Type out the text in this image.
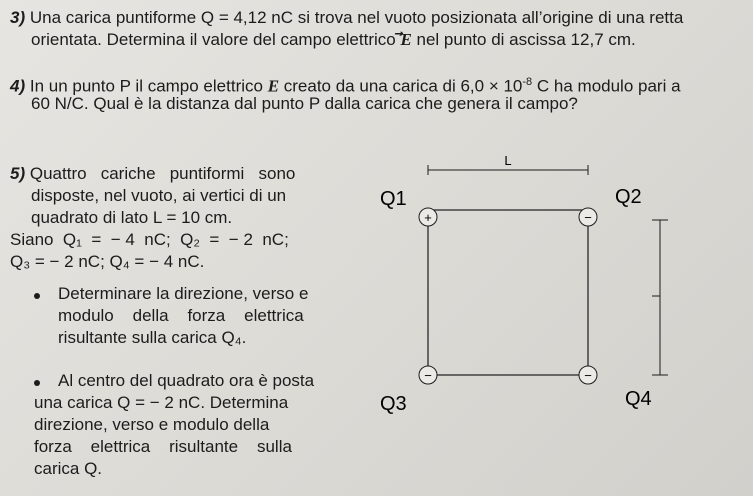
3) Una carica puntiforme Q = 4,12 nC si trova nel vuoto posizionata all’origine di una retta
orientata. Determina il valore del campo elettrico E nel punto di ascissa 12,7 cm.
4) In un punto P il campo elettrico E creato da una carica di $6,0 \times 10^{-8}$ C ha modulo pari a
60 N/C. Qual è la distanza dal punto P dalla carica che genera il campo?
5) Quattro   cariche   puntiformi   sono
disposte, nel vuoto, ai vertici di un
quadrato di lato L = 10 cm.
Siano  Q₁  =  − 4  nC;  Q₂  =  − 2  nC;
Q₃ = − 2 nC; Q₄ = − 4 nC.
Determinare la direzione, verso e
modulo    della    forza    elettrica
risultante sulla carica Q₄.
Al centro del quadrato ora è posta
una carica Q = − 2 nC. Determina
direzione, verso e modulo della
forza    elettrica    risultante    sulla
carica Q.
L
+	−
−	−
Q1	Q2
Q3	Q4
